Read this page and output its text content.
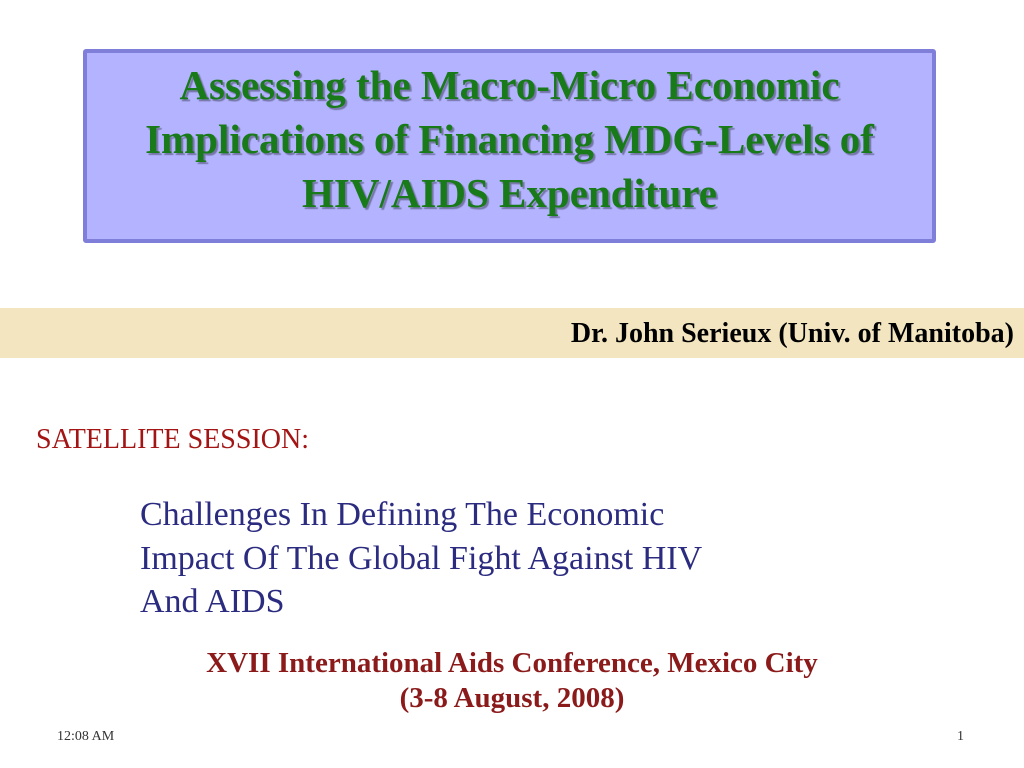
Assessing the Macro-Micro Economic
Implications of Financing MDG-Levels of
HIV/AIDS Expenditure
Dr. John Serieux (Univ. of Manitoba)
SATELLITE SESSION:
Challenges In Defining The Economic
Impact Of The Global Fight Against HIV
And AIDS
XVII International Aids Conference, Mexico City
(3-8 August, 2008)
12:08 AM	1
